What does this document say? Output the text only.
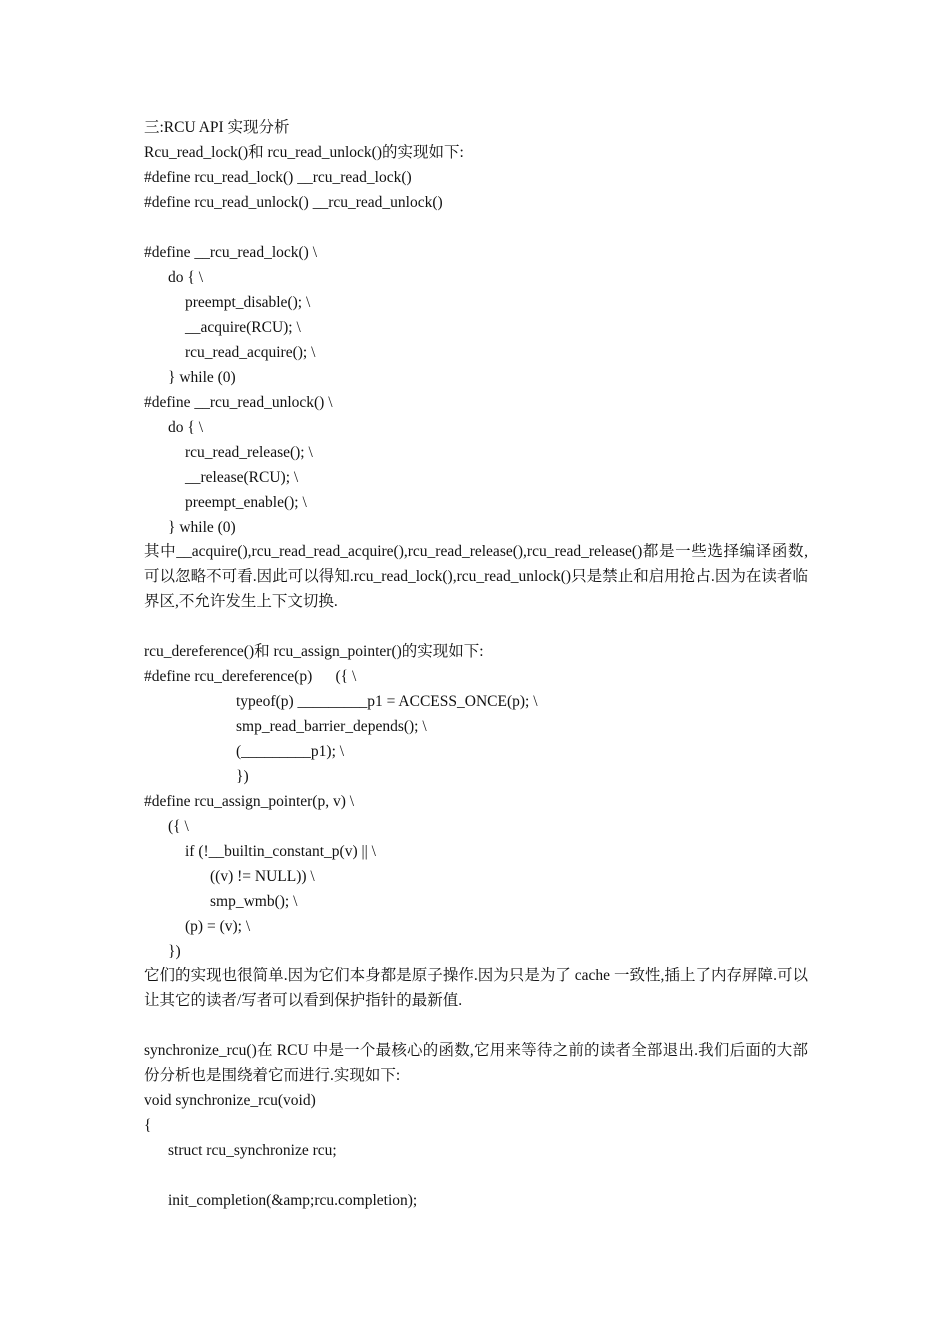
三:RCU API 实现分析
Rcu_read_lock()和 rcu_read_unlock()的实现如下:
#define rcu_read_lock() __rcu_read_lock()
#define rcu_read_unlock() __rcu_read_unlock()
#define __rcu_read_lock() \
do { \
preempt_disable(); \
__acquire(RCU); \
rcu_read_acquire(); \
} while (0)
#define __rcu_read_unlock() \
do { \
rcu_read_release(); \
__release(RCU); \
preempt_enable(); \
} while (0)
其中__acquire(),rcu_read_read_acquire(),rcu_read_release(),rcu_read_release()都是一些选择编译函数,可以忽略不可看.因此可以得知.rcu_read_lock(),rcu_read_unlock()只是禁止和启用抢占.因为在读者临界区,不允许发生上下文切换.
rcu_dereference()和 rcu_assign_pointer()的实现如下:
#define rcu_dereference(p)      ({ \
typeof(p) _________p1 = ACCESS_ONCE(p); \
smp_read_barrier_depends(); \
(_________p1); \
})
#define rcu_assign_pointer(p, v) \
({ \
if (!__builtin_constant_p(v) || \
((v) != NULL)) \
smp_wmb(); \
(p) = (v); \
})
它们的实现也很简单.因为它们本身都是原子操作.因为只是为了 cache 一致性,插上了内存屏障.可以让其它的读者/写者可以看到保护指针的最新值.
synchronize_rcu()在 RCU 中是一个最核心的函数,它用来等待之前的读者全部退出.我们后面的大部份分析也是围绕着它而进行.实现如下:
void synchronize_rcu(void)
{
struct rcu_synchronize rcu;
init_completion(&amp;rcu.completion);
